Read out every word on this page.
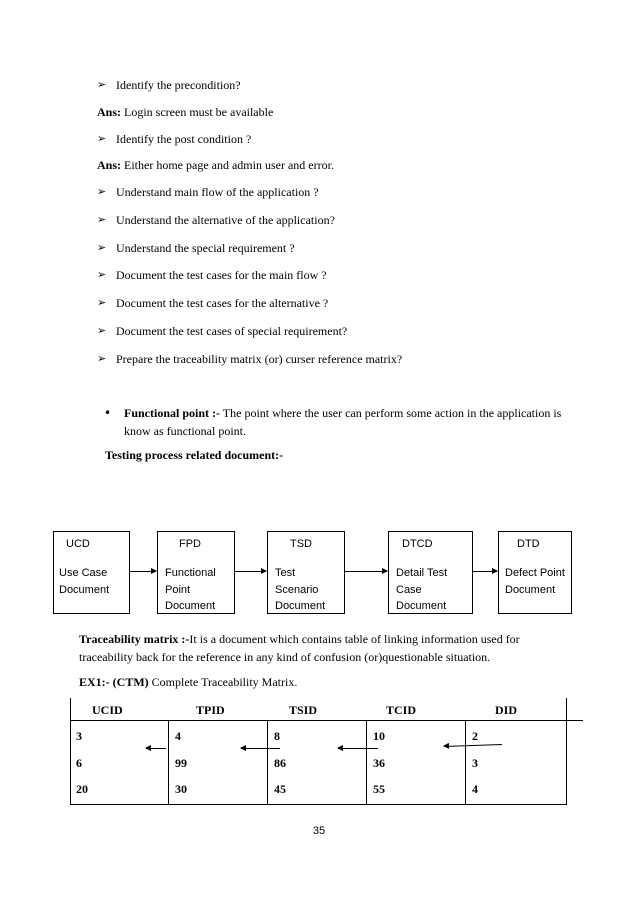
➢ Identify the precondition?
Ans: Login screen must be available
➢ Identify the post condition ?
Ans: Either home page and admin user and error.
➢ Understand main flow of the application ?
➢ Understand the alternative of the application?
➢ Understand the special requirement ?
➢ Document the test cases for the main flow ?
➢ Document the test cases for the alternative ?
➢ Document the test cases of special requirement?
➢ Prepare the traceability matrix (or) curser reference matrix?
• Functional point :- The point where the user can perform some action in the application is
know as functional point.
Testing process related document:-
UCD
Use Case
Document
FPD
Functional
Point
Document
TSD
Test
Scenario
Document
DTCD
Detail Test
Case
Document
DTD
Defect Point
Document
Traceability matrix :-It is a document which contains table of linking information used for
traceability back for the reference in any kind of confusion (or)questionable situation.
EX1:- (CTM) Complete Traceability Matrix.
UCID	TPID	TSID	TCID	DID
3	4	8	10	2
6	99	86	36	3
20	30	45	55	4
35
